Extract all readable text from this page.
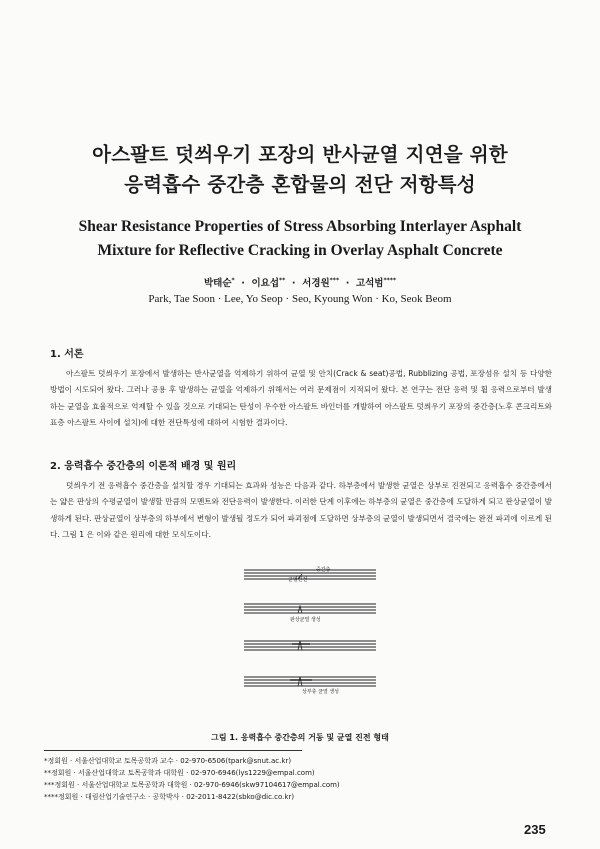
아스팔트 덧씌우기 포장의 반사균열 지연을 위한
응력흡수 중간층 혼합물의 전단 저항특성
Shear Resistance Properties of Stress Absorbing Interlayer Asphalt
Mixture for Reflective Cracking in Overlay Asphalt Concrete
박태순*  ·  이요섭**  ·  서경원***  ·  고석범****
Park, Tae Soon · Lee, Yo Seop · Seo, Kyoung Won · Ko, Seok Beom
1. 서론
아스팔트 덧씌우기 포장에서 발생하는 반사균열을 억제하기 위하여 균열 및 안치(Crack & seat)공법, Rubblizing 공법, 포장섬유 설치 등 다양한 방법이 시도되어 왔다. 그러나 공용 후 발생하는 균열을 억제하기 위해서는 여러 문제점이 지적되어 왔다. 본 연구는 전단 응력 및 휨 응력으로부터 발생하는 균열을 효율적으로 억제할 수 있을 것으로 기대되는 탄성이 우수한 아스팔트 바인더를 개발하여 아스팔트 덧씌우기 포장의 중간층(노후 콘크리트와 표층 아스팔트 사이에 설치)에 대한 전단특성에 대하여 시험한 결과이다.
2. 응력흡수 중간층의 이론적 배경 및 원리
덧씌우기 전 응력흡수 중간층을 설치할 경우 기대되는 효과와 성능은 다음과 같다. 하부층에서 발생한 균열은 상부로 진전되고 응력흡수 중간층에서는 얇은 판상의 수평균열이 발생할 만큼의 모멘트와 전단응력이 발생한다. 이러한 단계 이후에는 하부층의 균열은 중간층에 도달하게 되고 판상균열이 발생하게 된다. 판상균열이 상부층의 하부에서 변형이 발생될 정도가 되어 파괴점에 도달하면 상부층의 균열이 발생되면서 결국에는 완전 파괴에 이르게 된다. 그림 1 은 이와 같은 원리에 대한 모식도이다.
중간층
균열진전
판상균열 생성
상부층 균열 생성
그림 1. 응력흡수 중간층의 거동 및 균열 진전 형태
*정회원 · 서울산업대학교 토목공학과 교수 · 02-970-6506(tpark@snut.ac.kr)
**정회원 · 서울산업대학교 토목공학과 대학원 · 02-970-6946(lys1229@empal.com)
***정회원 · 서울산업대학교 토목공학과 대학원 · 02-970-6946(skw97104617@empal.com)
****정회원 · 대림산업기술연구소 · 공학박사 · 02-2011-8422(sbko@dic.co.kr)
235
